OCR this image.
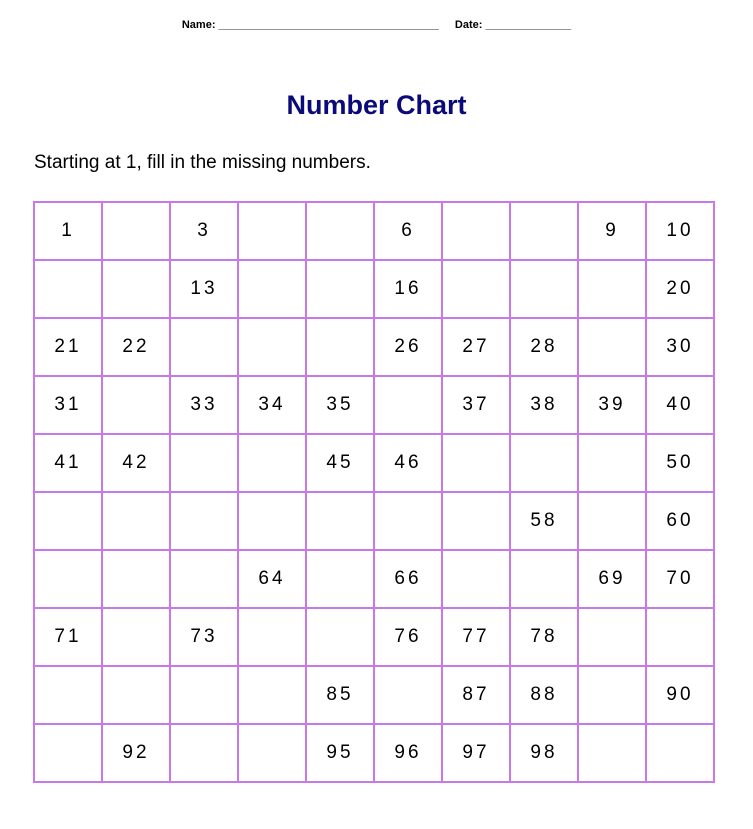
Name: ____________________________________ Date: ______________
Number Chart
Starting at 1, fill in the missing numbers.
1		3			6			9	10
		13			16				20
21	22				26	27	28		30
31		33	34	35		37	38	39	40
41	42			45	46				50
							58		60
			64		66			69	70
71		73			76	77	78		
				85		87	88		90
	92			95	96	97	98		
